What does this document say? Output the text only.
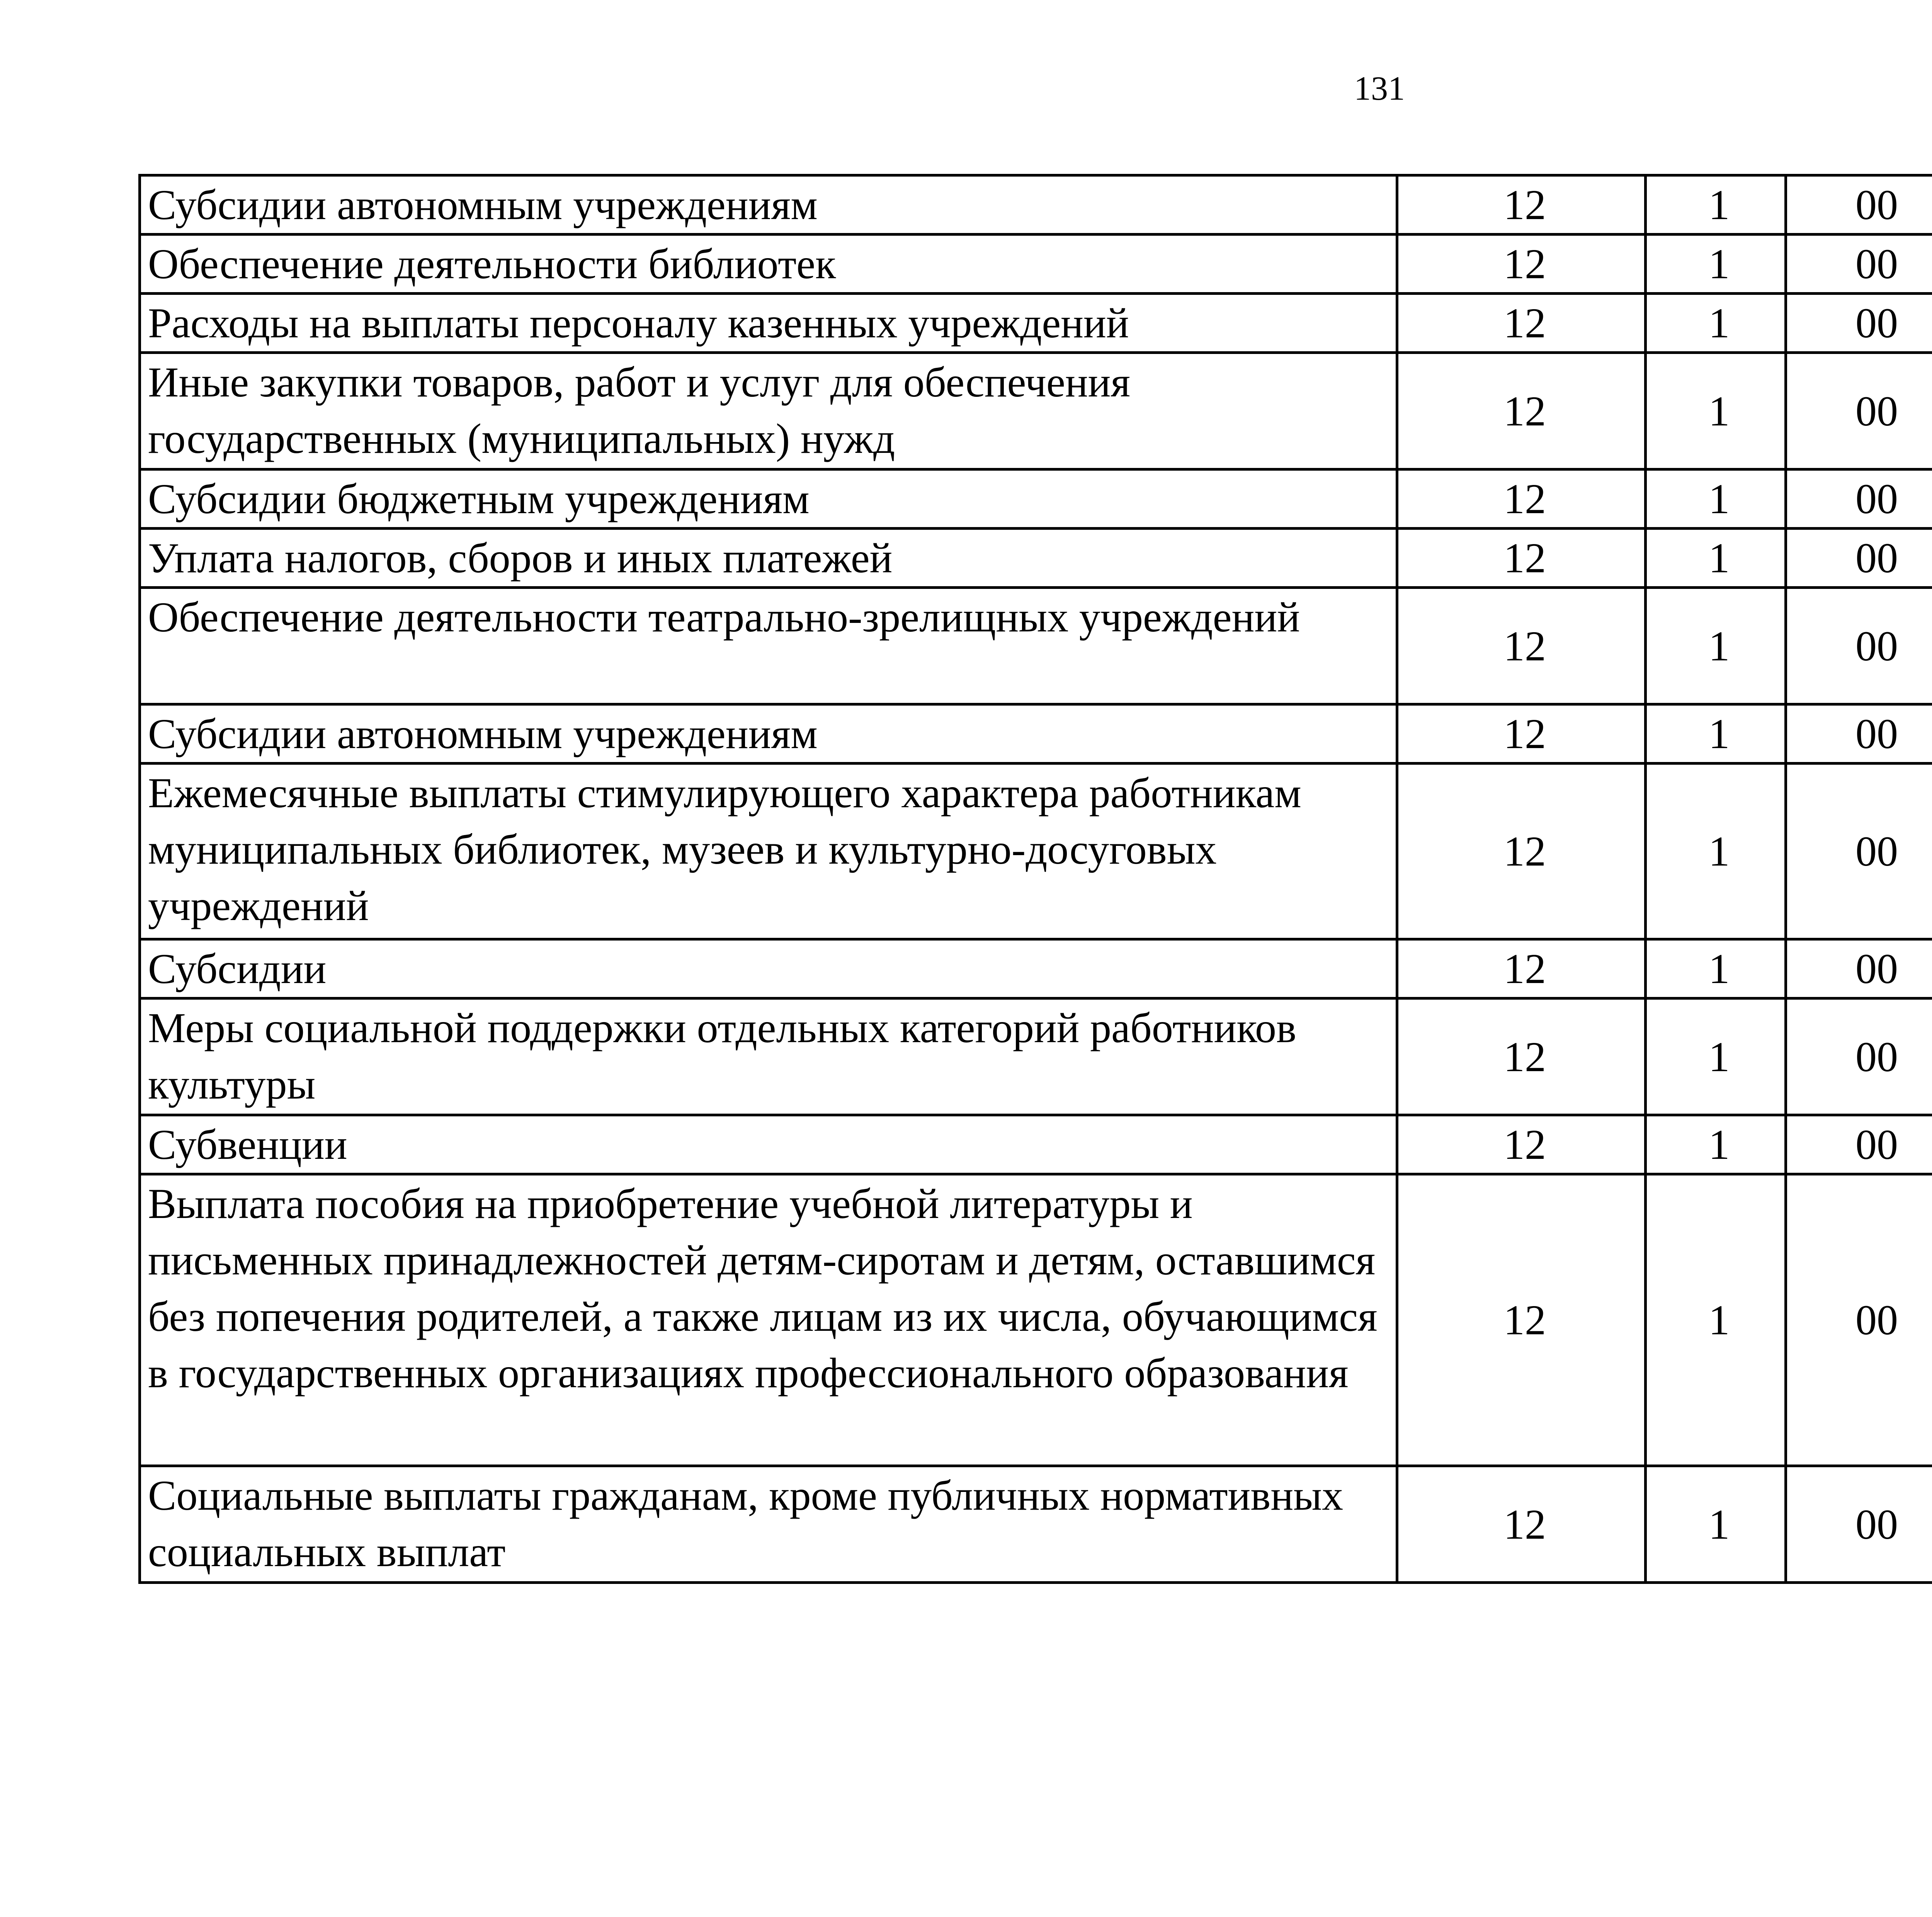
131
Субсидии автономным учреждениям	12	1	00			
Обеспечение деятельности библиотек	12	1	00			
Расходы на выплаты персоналу казенных учреждений	12	1	00			
Иные закупки товаров, работ и услуг для обеспечения государственных (муниципальных) нужд	12	1	00			
Субсидии бюджетным учреждениям	12	1	00			
Уплата налогов, сборов и иных платежей	12	1	00			
Обеспечение деятельности театрально-зрелищных учреждений	12	1	00			
Субсидии автономным учреждениям	12	1	00			
Ежемесячные выплаты стимулирующего характера работникам муниципальных библиотек, музеев и культурно-досуговых учреждений	12	1	00			
Субсидии	12	1	00			
Меры социальной поддержки отдельных категорий работников культуры	12	1	00			
Субвенции	12	1	00			
Выплата пособия на приобретение учебной литературы и письменных принадлежностей детям-сиротам и детям, оставшимся без попечения родителей, а также лицам из их числа, обучающимся в государственных организациях профессионального образования	12	1	00			
Социальные выплаты гражданам, кроме публичных нормативных социальных выплат	12	1	00			
